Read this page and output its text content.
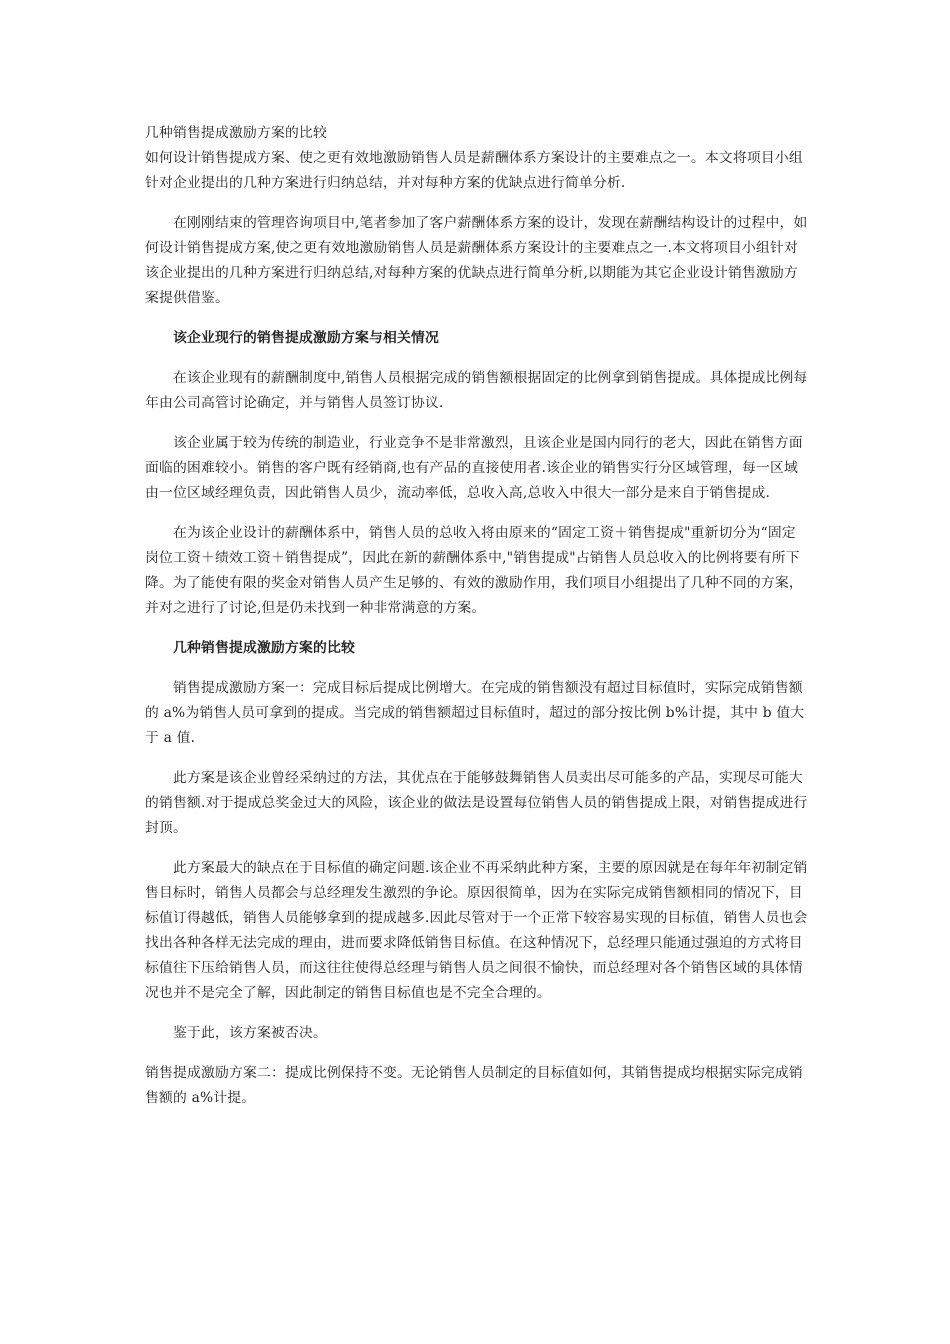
几种销售提成激励方案的比较

如何设计销售提成方案、使之更有效地激励销售人员是薪酬体系方案设计的主要难点之一。本文将项目小组针对企业提出的几种方案进行归纳总结，并对每种方案的优缺点进行简单分析.

在刚刚结束的管理咨询项目中,笔者参加了客户薪酬体系方案的设计，发现在薪酬结构设计的过程中，如何设计销售提成方案,使之更有效地激励销售人员是薪酬体系方案设计的主要难点之一.本文将项目小组针对该企业提出的几种方案进行归纳总结,对每种方案的优缺点进行简单分析,以期能为其它企业设计销售激励方案提供借鉴。

该企业现行的销售提成激励方案与相关情况

在该企业现有的薪酬制度中,销售人员根据完成的销售额根据固定的比例拿到销售提成。具体提成比例每年由公司高管讨论确定，并与销售人员签订协议.

该企业属于较为传统的制造业，行业竞争不是非常激烈，且该企业是国内同行的老大，因此在销售方面面临的困难较小。销售的客户既有经销商,也有产品的直接使用者.该企业的销售实行分区域管理，每一区域由一位区域经理负责，因此销售人员少，流动率低，总收入高,总收入中很大一部分是来自于销售提成.

在为该企业设计的薪酬体系中，销售人员的总收入将由原来的“固定工资＋销售提成"重新切分为“固定岗位工资＋绩效工资＋销售提成”，因此在新的薪酬体系中,"销售提成"占销售人员总收入的比例将要有所下降。为了能使有限的奖金对销售人员产生足够的、有效的激励作用，我们项目小组提出了几种不同的方案，并对之进行了讨论,但是仍未找到一种非常满意的方案。

几种销售提成激励方案的比较

销售提成激励方案一：完成目标后提成比例增大。在完成的销售额没有超过目标值时，实际完成销售额的 a%为销售人员可拿到的提成。当完成的销售额超过目标值时，超过的部分按比例 b%计提，其中 b 值大于 a 值.

此方案是该企业曾经采纳过的方法，其优点在于能够鼓舞销售人员卖出尽可能多的产品，实现尽可能大的销售额.对于提成总奖金过大的风险，该企业的做法是设置每位销售人员的销售提成上限，对销售提成进行封顶。

此方案最大的缺点在于目标值的确定问题.该企业不再采纳此种方案，主要的原因就是在每年年初制定销售目标时，销售人员都会与总经理发生激烈的争论。原因很简单，因为在实际完成销售额相同的情况下，目标值订得越低，销售人员能够拿到的提成越多.因此尽管对于一个正常下较容易实现的目标值，销售人员也会找出各种各样无法完成的理由，进而要求降低销售目标值。在这种情况下，总经理只能通过强迫的方式将目标值往下压给销售人员，而这往往使得总经理与销售人员之间很不愉快，而总经理对各个销售区域的具体情况也并不是完全了解，因此制定的销售目标值也是不完全合理的。

鉴于此，该方案被否决。

销售提成激励方案二：提成比例保持不变。无论销售人员制定的目标值如何，其销售提成均根据实际完成销售额的 a%计提。
